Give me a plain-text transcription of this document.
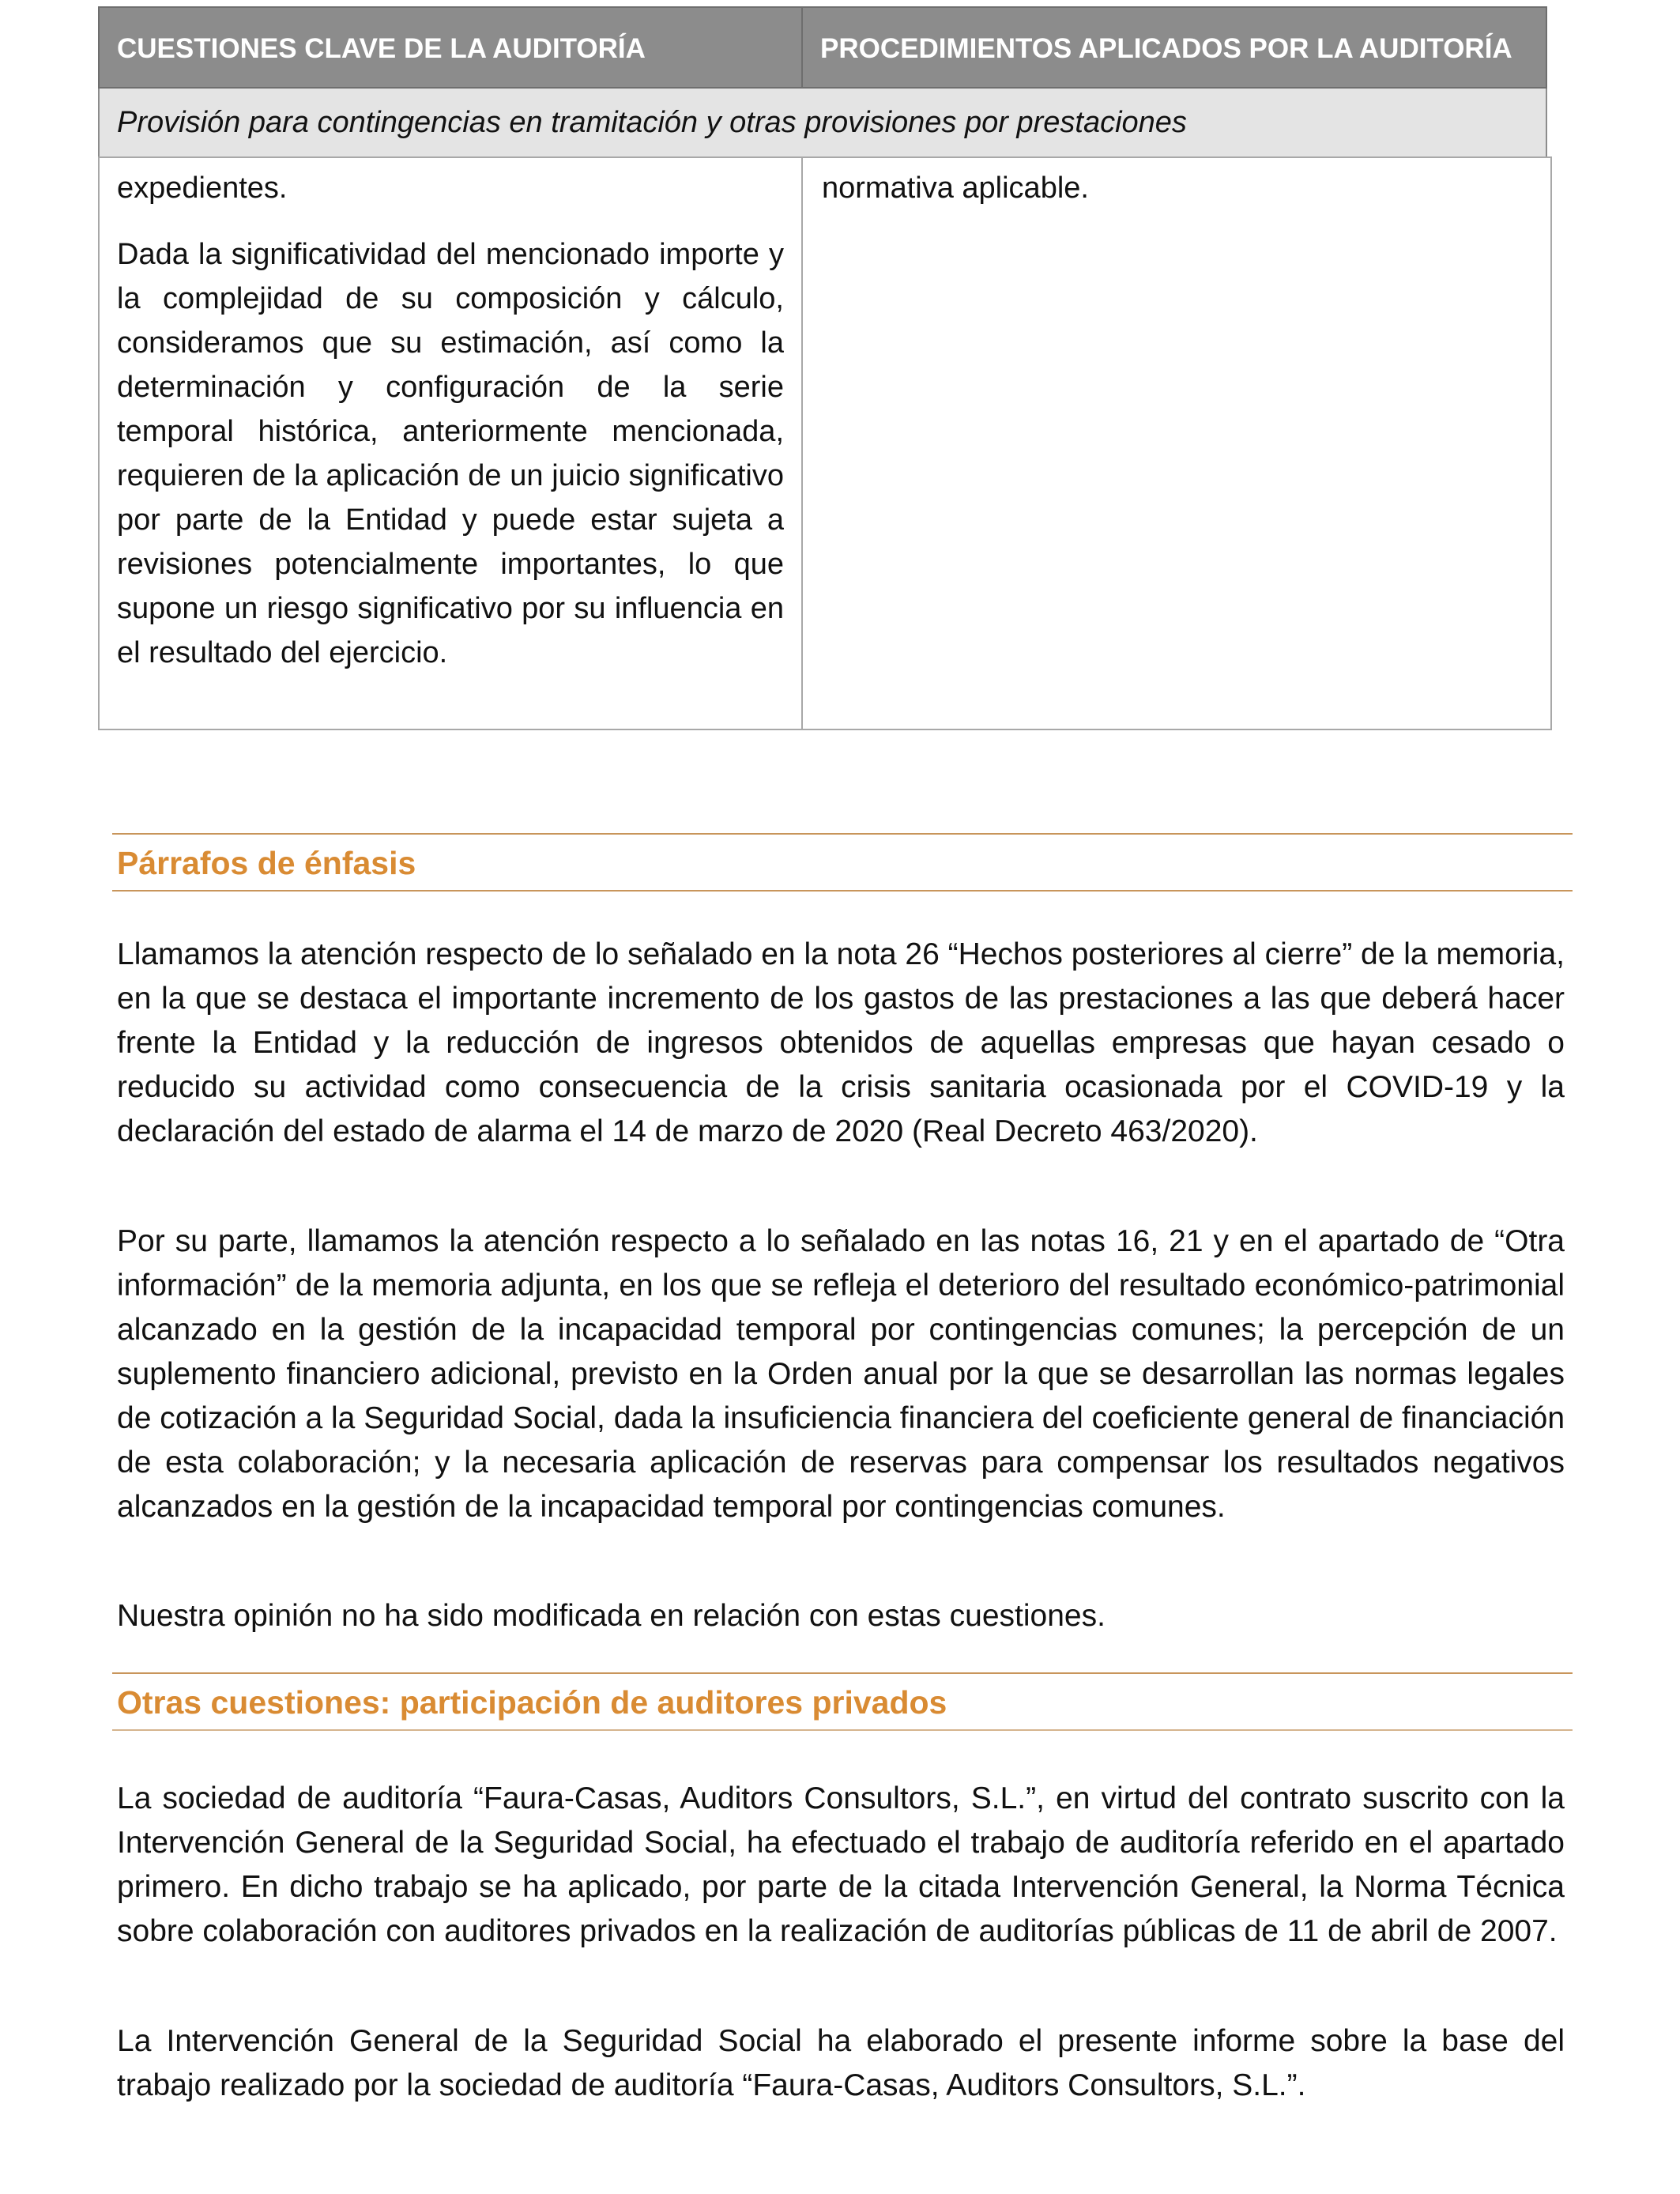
CUESTIONES CLAVE DE LA AUDITORÍA	PROCEDIMIENTOS APLICADOS POR LA AUDITORÍA
Provisión para contingencias en tramitación y otras provisiones por prestaciones

expedientes.

Dada la significatividad del mencionado importe y la complejidad de su composición y cálculo, consideramos que su estimación, así como la determinación y configuración de la serie temporal histórica, anteriormente mencionada, requieren de la aplicación de un juicio significativo por parte de la Entidad y puede estar sujeta a revisiones potencialmente importantes, lo que supone un riesgo significativo por su influencia en el resultado del ejercicio.

normativa aplicable.

Párrafos de énfasis

Llamamos la atención respecto de lo señalado en la nota 26 “Hechos posteriores al cierre” de la memoria, en la que se destaca el importante incremento de los gastos de las prestaciones a las que deberá hacer frente la Entidad y la reducción de ingresos obtenidos de aquellas empresas que hayan cesado o reducido su actividad como consecuencia de la crisis sanitaria ocasionada por el COVID-19 y la declaración del estado de alarma el 14 de marzo de 2020 (Real Decreto 463/2020).

Por su parte, llamamos la atención respecto a lo señalado en las notas 16, 21 y en el apartado de “Otra información” de la memoria adjunta, en los que se refleja el deterioro del resultado económico-patrimonial alcanzado en la gestión de la incapacidad temporal por contingencias comunes; la percepción de un suplemento financiero adicional, previsto en la Orden anual por la que se desarrollan las normas legales de cotización a la Seguridad Social, dada la insuficiencia financiera del coeficiente general de financiación de esta colaboración; y la necesaria aplicación de reservas para compensar los resultados negativos alcanzados en la gestión de la incapacidad temporal por contingencias comunes.

Nuestra opinión no ha sido modificada en relación con estas cuestiones.

Otras cuestiones: participación de auditores privados

La sociedad de auditoría “Faura-Casas, Auditors Consultors, S.L.”, en virtud del contrato suscrito con la Intervención General de la Seguridad Social, ha efectuado el trabajo de auditoría referido en el apartado primero. En dicho trabajo se ha aplicado, por parte de la citada Intervención General, la Norma Técnica sobre colaboración con auditores privados en la realización de auditorías públicas de 11 de abril de 2007.

La Intervención General de la Seguridad Social ha elaborado el presente informe sobre la base del trabajo realizado por la sociedad de auditoría “Faura-Casas, Auditors Consultors, S.L.”.
